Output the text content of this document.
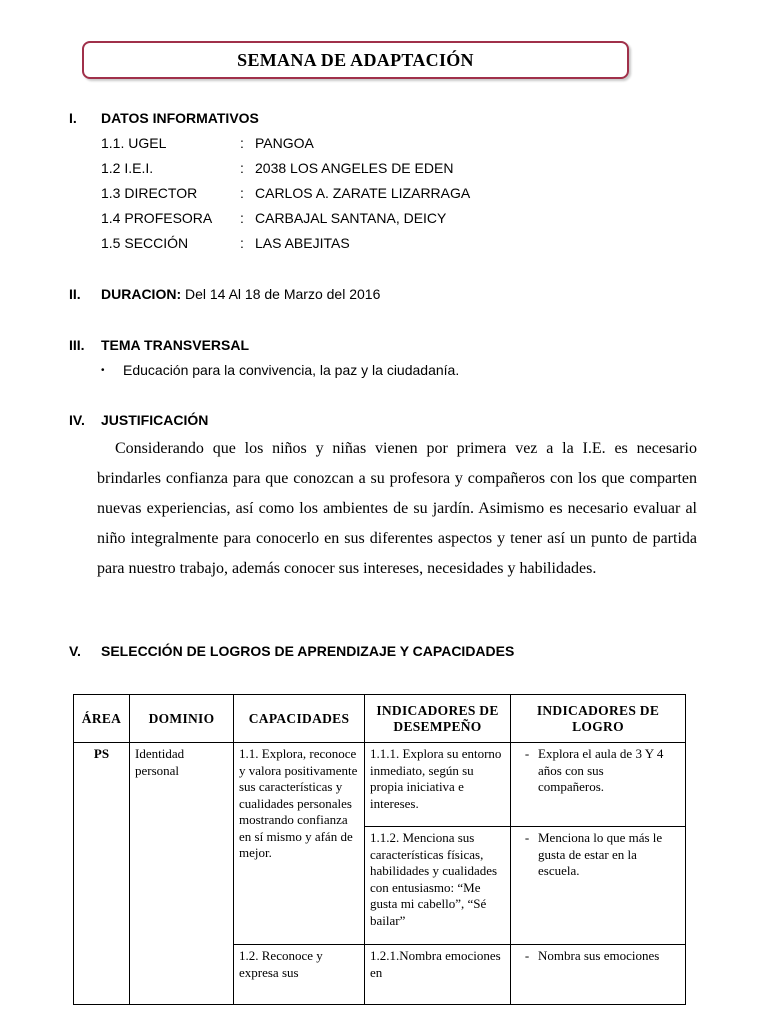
SEMANA DE ADAPTACIÓN
I. DATOS INFORMATIVOS
1.1. UGEL	: PANGOA
1.2 I.E.I.	: 2038 LOS ANGELES DE EDEN
1.3 DIRECTOR	: CARLOS A. ZARATE LIZARRAGA
1.4 PROFESORA : CARBAJAL SANTANA, DEICY
1.5 SECCIÓN	: LAS ABEJITAS
II. DURACION: Del 14 Al 18 de Marzo del 2016
III. TEMA TRANSVERSAL
• Educación para la convivencia, la paz y la ciudadanía.
IV. JUSTIFICACIÓN

Considerando que los niños y niñas vienen por primera vez a la I.E. es necesario brindarles confianza para que conozcan a su profesora y compañeros con los que comparten nuevas experiencias, así como los ambientes de su jardín. Asimismo es necesario evaluar al niño integralmente para conocerlo en sus diferentes aspectos y tener así un punto de partida para nuestro trabajo, además conocer sus intereses, necesidades y habilidades.

V. SELECCIÓN DE LOGROS DE APRENDIZAJE Y CAPACIDADES
ÁREA	DOMINIO	CAPACIDADES	INDICADORES DE DESEMPEÑO	INDICADORES DE LOGRO
PS	Identidad personal	1.1. Explora, reconoce y valora positivamente sus características y cualidades personales mostrando confianza en sí mismo y afán de mejor.	1.1.1. Explora su entorno inmediato, según su propia iniciativa e intereses.	- Explora el aula de 3 Y 4 años con sus compañeros.

			1.1.2. Menciona sus características físicas, habilidades y cualidades con entusiasmo: “Me gusta mi cabello”, “Sé bailar”	- Menciona lo que más le gusta de estar en la escuela.

		1.2. Reconoce y expresa sus	1.2.1.Nombra emociones en	- Nombra sus emociones
